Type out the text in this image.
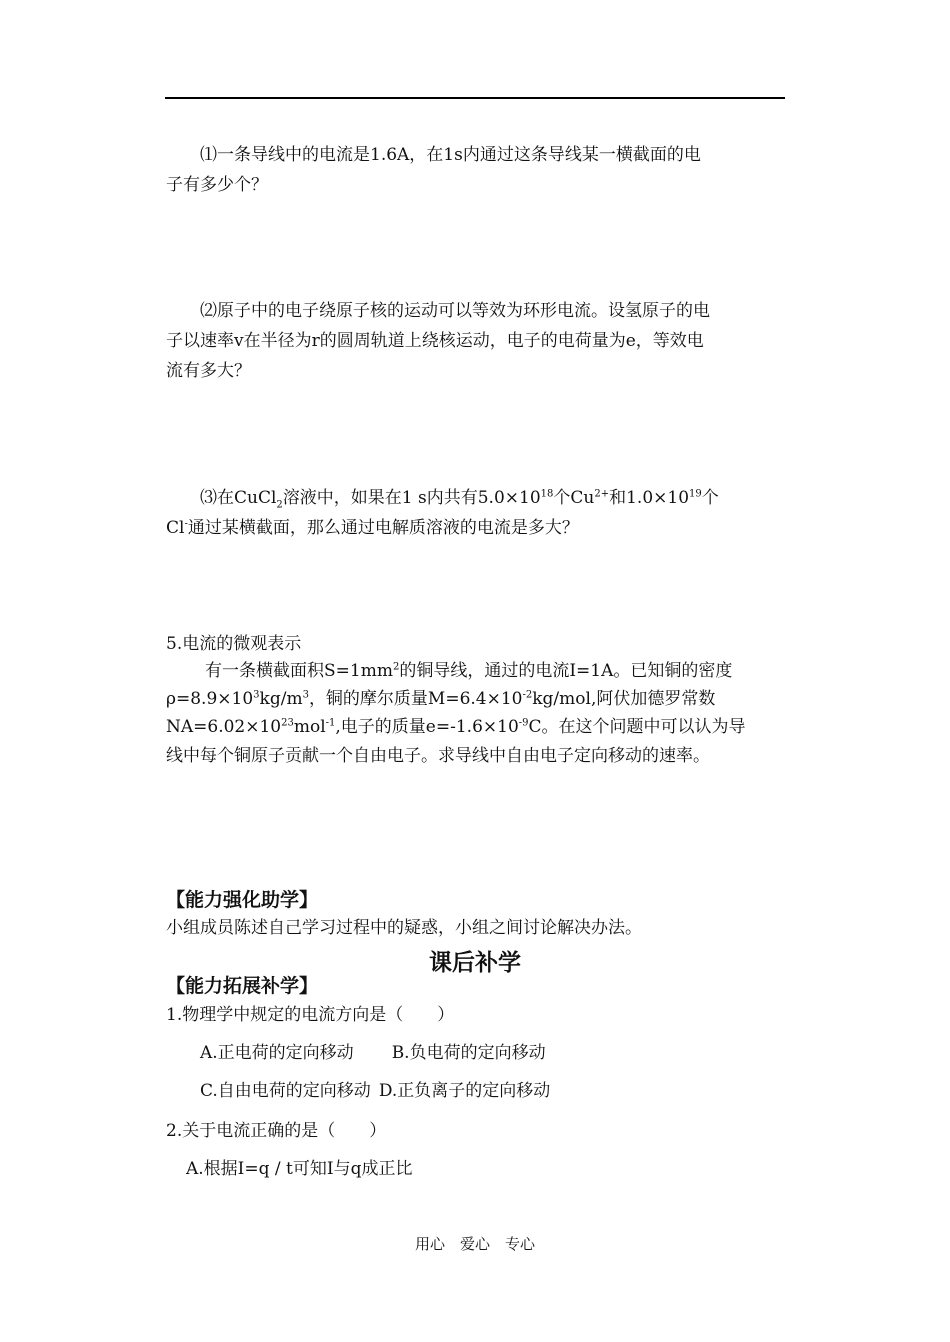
⑴一条导线中的电流是1.6A，在1s内通过这条导线某一横截面的电
子有多少个？
⑵原子中的电子绕原子核的运动可以等效为环形电流。设氢原子的电
子以速率v在半径为r的圆周轨道上绕核运动，电子的电荷量为e，等效电
流有多大？
⑶在CuCl$_2$溶液中，如果在1 s内共有$5.0\times 10^{18}$个$Cu^{2+}$和$1.0\times 10^{19}$个
Cl-通过某横截面，那么通过电解质溶液的电流是多大？
5.电流的微观表示
有一条横截面积$S=1mm^2$的铜导线，通过的电流I=1A。已知铜的密度
$\rho=8.9\times 10^3kg/m^3$，铜的摩尔质量$M=6.4\times 10^{-2}kg$/mol,阿伏加德罗常数
$NA=6.02\times 10^{23}mol^{-1}$,电子的质量$e=-1.6\times 10^{-9}C$。在这个问题中可以认为导
线中每个铜原子贡献一个自由电子。求导线中自由电子定向移动的速率。
【能力强化助学】
小组成员陈述自己学习过程中的疑惑，小组之间讨论解决办法。
课后补学
【能力拓展补学】
1.物理学中规定的电流方向是（　　）
A.正电荷的定向移动 B.负电荷的定向移动
C.自由电荷的定向移动 D.正负离子的定向移动
2.关于电流正确的是（　　）
A.根据I=q / t可知I与q成正比
用心　爱心　专心
